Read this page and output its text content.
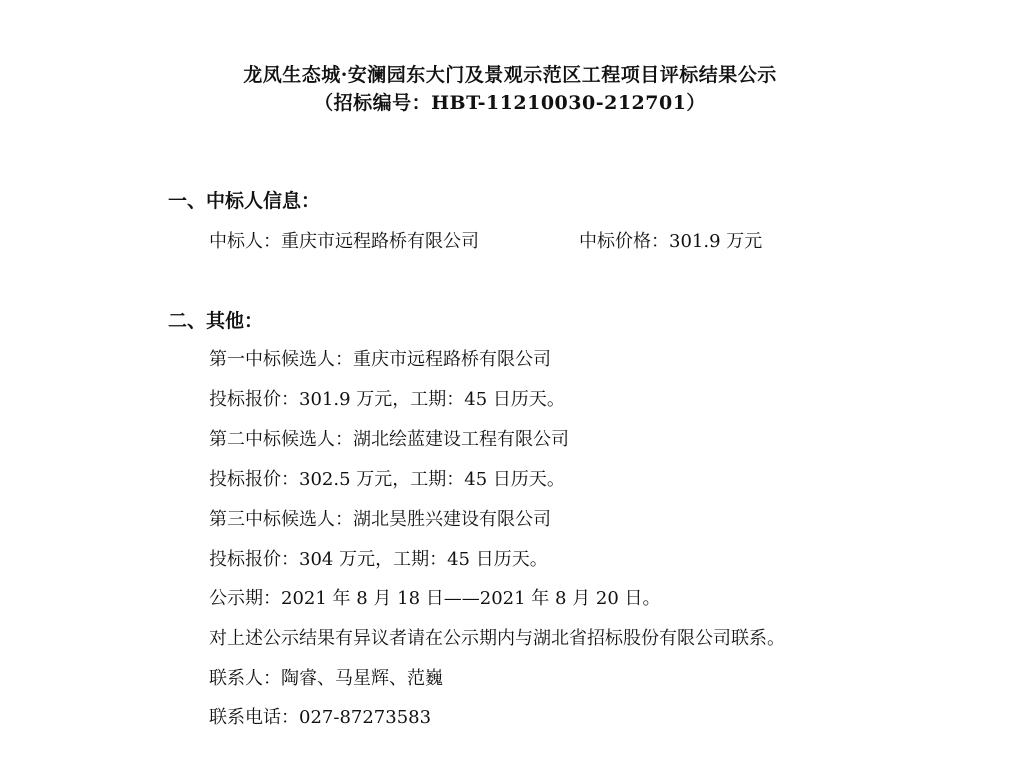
龙凤生态城·安澜园东大门及景观示范区工程项目评标结果公示
（招标编号：HBT-11210030-212701）
一、中标人信息：
中标人：重庆市远程路桥有限公司	中标价格：301.9 万元
二、其他：
第一中标候选人：重庆市远程路桥有限公司
投标报价：301.9 万元，工期：45 日历天。
第二中标候选人：湖北绘蓝建设工程有限公司
投标报价：302.5 万元，工期：45 日历天。
第三中标候选人：湖北昊胜兴建设有限公司
投标报价：304 万元，工期：45 日历天。
公示期：2021 年 8 月 18 日——2021 年 8 月 20 日。
对上述公示结果有异议者请在公示期内与湖北省招标股份有限公司联系。
联系人：陶睿、马星辉、范巍
联系电话：027-87273583
